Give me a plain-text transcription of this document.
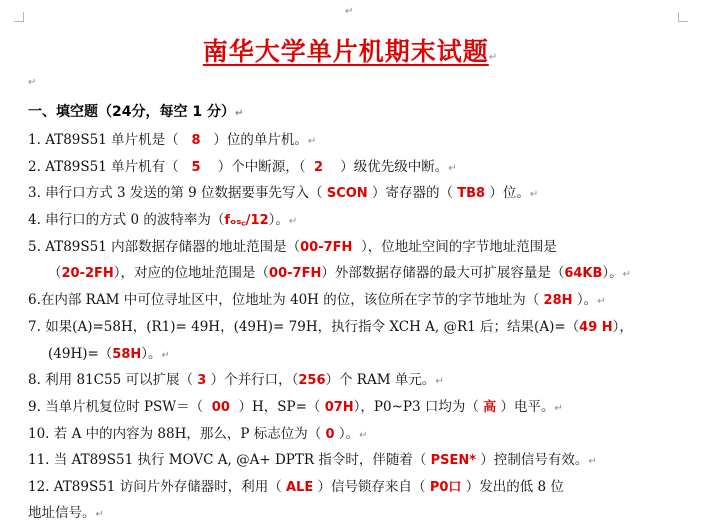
↵
南华大学单片机期末试题↵
↵
一、填空题（24分，每空 1 分）↵
1. AT89S51 单片机是（ 8 ）位的单片机。↵
2. AT89S51 单片机有（ 5 ）个中断源，（ 2 ）级优先级中断。↵
3. 串行口方式 3 发送的第 9 位数据要事先写入（ SCON ）寄存器的（ TB8 ）位。↵
4. 串行口的方式 0 的波特率为（fₒₛ꜀/12）。↵
5. AT89S51 内部数据存储器的地址范围是（00-7FH ），位地址空间的字节地址范围是
（20-2FH），对应的位地址范围是（00-7FH）外部数据存储器的最大可扩展容量是（64KB）。↵
6.在内部 RAM 中可位寻址区中，位地址为 40H 的位，该位所在字节的字节地址为（ 28H ）。↵
7. 如果(A)=58H，(R1)= 49H，(49H)= 79H，执行指令 XCH A, @R1 后；结果(A)=（49 H），
(49H)=（58H）。↵
8. 利用 81C55 可以扩展（ 3 ）个并行口，（256）个 RAM 单元。↵
9. 当单片机复位时 PSW＝（ 00 ）H，SP=（ 07H），P0~P3 口均为（ 高 ）电平。↵
10. 若 A 中的内容为 88H，那么，P 标志位为（ 0 ）。↵
11. 当 AT89S51 执行 MOVC A, @A+ DPTR 指令时，伴随着（ PSEN* ）控制信号有效。↵
12. AT89S51 访问片外存储器时，利用（ ALE ）信号锁存来自（ P0口 ）发出的低 8 位
地址信号。↵
